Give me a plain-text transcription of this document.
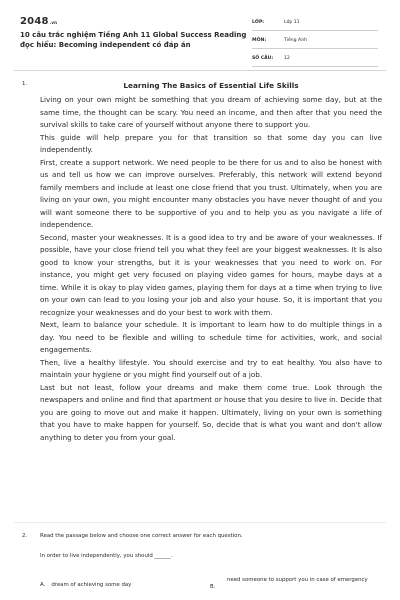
2048.vn
10 câu trắc nghiệm Tiếng Anh 11 Global Success Reading đọc hiểu: Becoming independent có đáp án
LỚP:	Lớp 11
MÔN:	Tiếng Anh
SỐ CÂU: 12
1.	Learning The Basics of Essential Life Skills

Living on your own might be something that you dream of achieving some day, but at the same time, the thought can be scary. You need an income, and then after that you need the survival skills to take care of yourself without anyone there to support you.

This guide will help prepare you for that transition so that some day you can live independently.

First, create a support network. We need people to be there for us and to also be honest with us and tell us how we can improve ourselves. Preferably, this network will extend beyond family members and include at least one close friend that you trust. Ultimately, when you are living on your own, you might encounter many obstacles you have never thought of and you will want someone there to be supportive of you and to help you as you navigate a life of independence.

Second, master your weaknesses. It is a good idea to try and be aware of your weaknesses. If possible, have your close friend tell you what they feel are your biggest weaknesses. It Is also good to know your strengths, but it is your weaknesses that you need to work on. For instance, you might get very focused on playing video games for hours, maybe days at a time. While it is okay to play video games, playing them for days at a time when trying to live on your own can lead to you losing your job and also your house. So, it is important that you recognize your weaknesses and do your best to work with them.

Next, learn to balance your schedule. It is important to learn how to do multiple things in a day. You need to be flexible and willing to schedule time for activities, work, and social engagements.

Then, live a healthy lifestyle. You should exercise and try to eat healthy. You also have to maintain your hygiene or you might find yourself out of a job.

Last but not least, follow your dreams and make them come true. Look through the newspapers and online and find that apartment or house that you desire to live in. Decide that you are going to move out and make it happen. Ultimately, living on your own is something that you have to make happen for yourself. So, decide that is what you want and don't allow anything to deter you from your goal.

2. Read the passage below and choose one correct answer for each question.
In order to live independently, you should ______.
A. dream of achieving some day	B.
need someone to support you in case of emergency
